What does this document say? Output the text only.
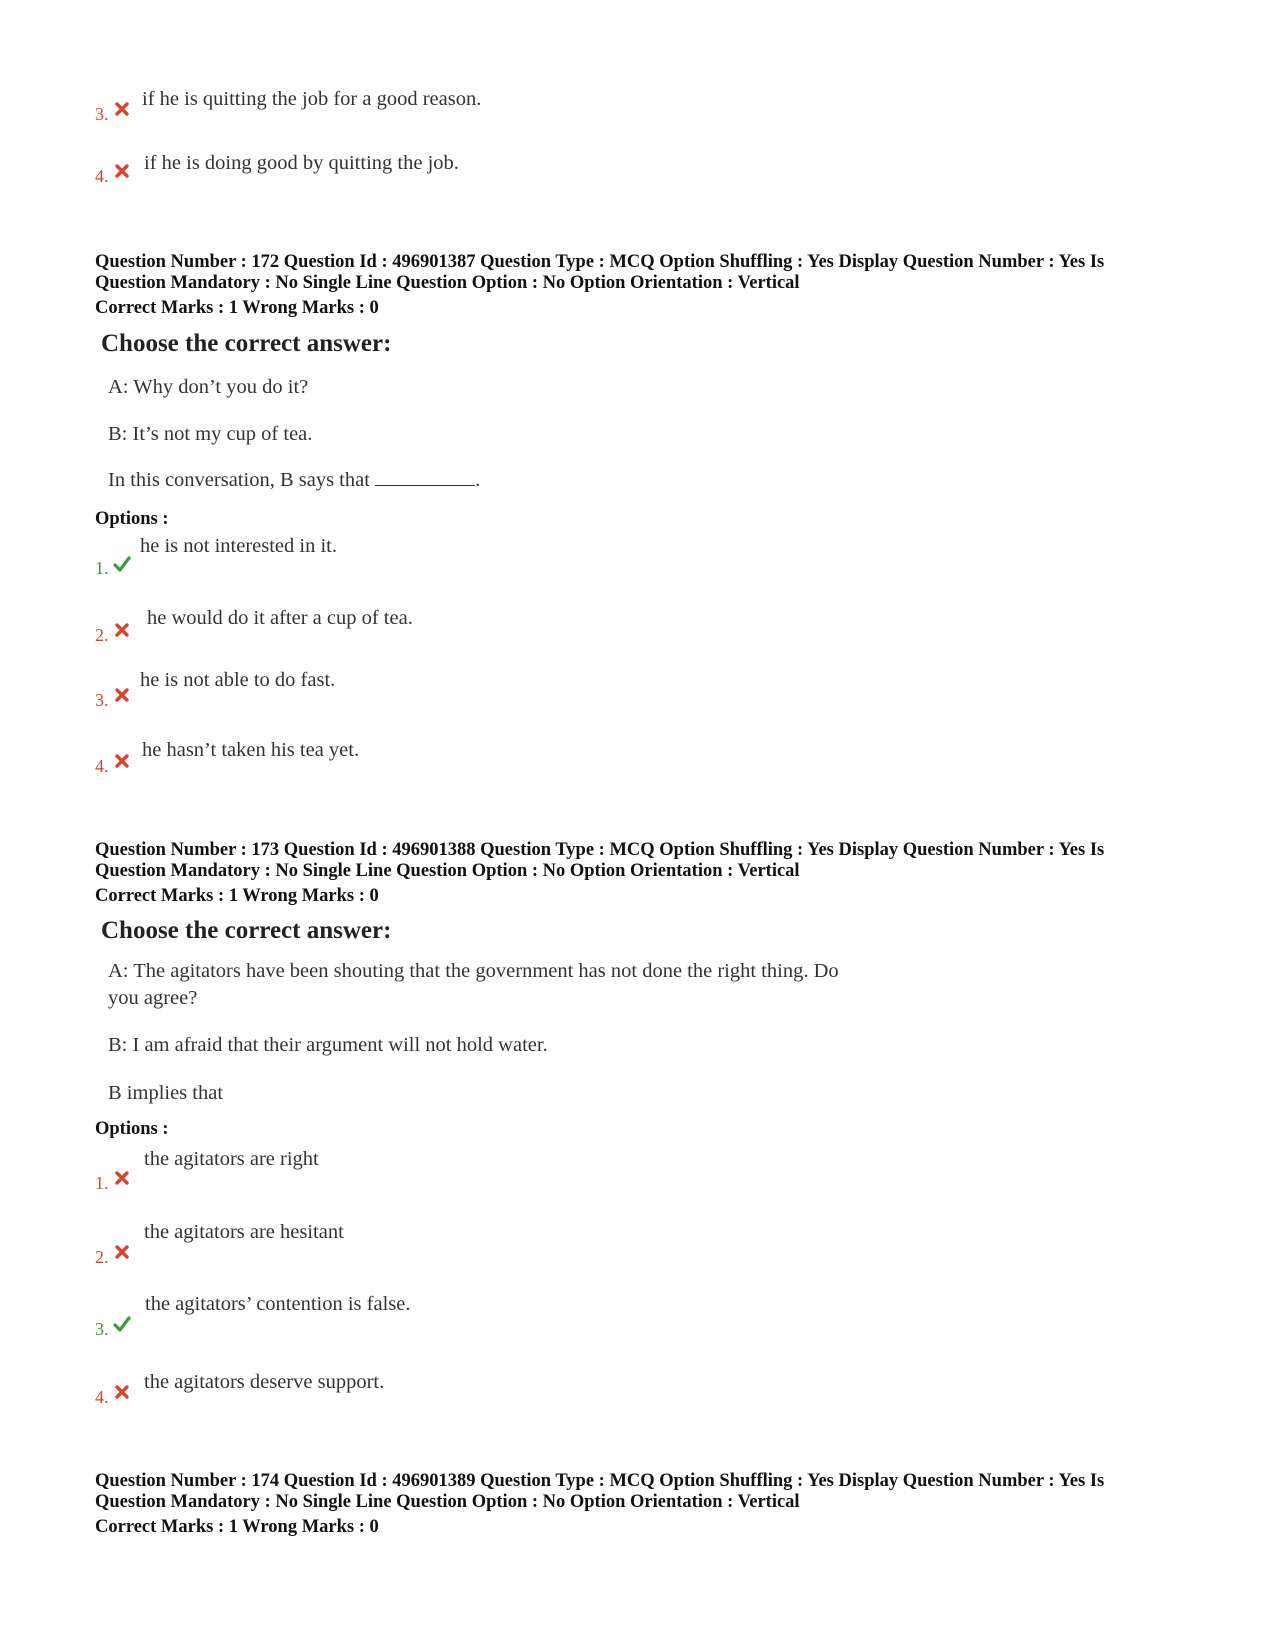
3.
if he is quitting the job for a good reason.
4.
if he is doing good by quitting the job.
Question Number : 172 Question Id : 496901387 Question Type : MCQ Option Shuffling : Yes Display Question Number : Yes Is
Question Mandatory : No Single Line Question Option : No Option Orientation : Vertical
Correct Marks : 1 Wrong Marks : 0
Choose the correct answer:
A: Why don’t you do it?
B: It’s not my cup of tea.
In this conversation, B says that	.
Options :
1.
he is not interested in it.
2.
he would do it after a cup of tea.
3.
he is not able to do fast.
4.
he hasn’t taken his tea yet.
Question Number : 173 Question Id : 496901388 Question Type : MCQ Option Shuffling : Yes Display Question Number : Yes Is
Question Mandatory : No Single Line Question Option : No Option Orientation : Vertical
Correct Marks : 1 Wrong Marks : 0
Choose the correct answer:
A: The agitators have been shouting that the government has not done the right thing. Do
you agree?
B: I am afraid that their argument will not hold water.
B implies that
Options :
1.
the agitators are right
2.
the agitators are hesitant
3.
the agitators’ contention is false.
4.
the agitators deserve support.
Question Number : 174 Question Id : 496901389 Question Type : MCQ Option Shuffling : Yes Display Question Number : Yes Is
Question Mandatory : No Single Line Question Option : No Option Orientation : Vertical
Correct Marks : 1 Wrong Marks : 0
